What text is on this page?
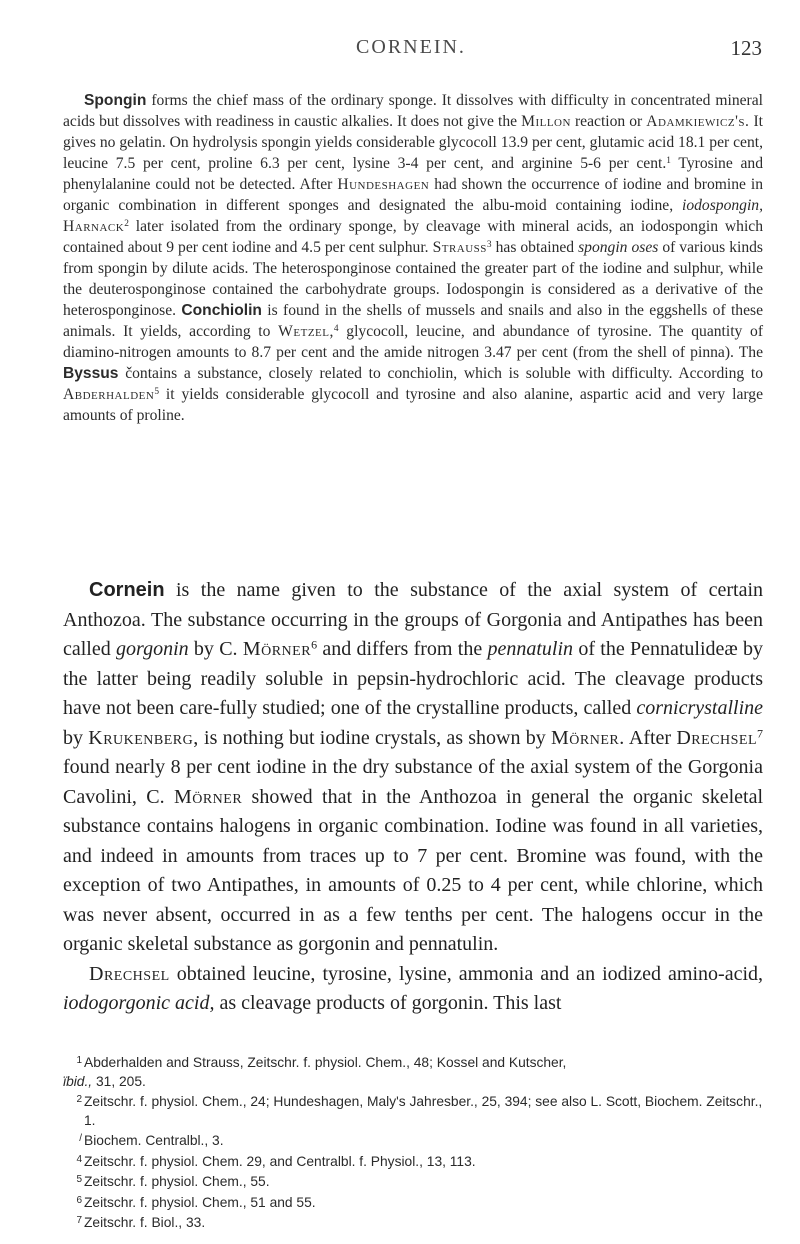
CORNEIN.	123

Spongin forms the chief mass of the ordinary sponge. It dissolves with difficulty in concentrated mineral acids but dissolves with readiness in caustic alkalies. It does not give the Millon reaction or Adamkiewicz's. It gives no gelatin. On hydrolysis spongin yields considerable glycocoll 13.9 per cent, glutamic acid 18.1 per cent, leucine 7.5 per cent, proline 6.3 per cent, lysine 3-4 per cent, and arginine 5-6 per cent.$^1$ Tyrosine and phenylalanine could not be detected. After Hundeshagen had shown the occurrence of iodine and bromine in organic combination in different sponges and designated the albu-moid containing iodine, iodospongin, Harnack$^2$ later isolated from the ordinary sponge, by cleavage with mineral acids, an iodospongin which contained about 9 per cent iodine and 4.5 per cent sulphur. Strauss$^3$ has obtained spongin oses of various kinds from spongin by dilute acids. The heterosponginose contained the greater part of the iodine and sulphur, while the deuterosponginose contained the carbohydrate groups. Iodospongin is considered as a derivative of the heterosponginose. Conchiolin is found in the shells of mussels and snails and also in the eggshells of these animals. It yields, according to Wetzel,$^4$ glycocoll, leucine, and abundance of tyrosine. The quantity of diamino-nitrogen amounts to 8.7 per cent and the amide nitrogen 3.47 per cent (from the shell of pinna). The Byssus čontains a substance, closely related to conchiolin, which is soluble with difficulty. According to Abderhalden$^5$ it yields considerable glycocoll and tyrosine and also alanine, aspartic acid and very large amounts of proline.

Cornein is the name given to the substance of the axial system of certain Anthozoa. The substance occurring in the groups of Gorgonia and Antipathes has been called gorgonin by C. Mörner$^6$ and differs from the pennatulin of the Pennatulideæ by the latter being readily soluble in pepsin-hydrochloric acid. The cleavage products have not been care-fully studied; one of the crystalline products, called cornicrystalline by Krukenberg, is nothing but iodine crystals, as shown by Mörner. After Drechsel$^7$ found nearly 8 per cent iodine in the dry substance of the axial system of the Gorgonia Cavolini, C. Mörner showed that in the Anthozoa in general the organic skeletal substance contains halogens in organic combination. Iodine was found in all varieties, and indeed in amounts from traces up to 7 per cent. Bromine was found, with the exception of two Antipathes, in amounts of 0.25 to 4 per cent, while chlorine, which was never absent, occurred in as a few tenths per cent. The halogens occur in the organic skeletal substance as gorgonin and pennatulin.

Drechsel obtained leucine, tyrosine, lysine, ammonia and an iodized amino-acid, iodogorgonic acid, as cleavage products of gorgonin. This last

1 Abderhalden and Strauss, Zeitschr. f. physiol. Chem., 48; Kossel and Kutscher,

їbid., 31, 205.

2 Zeitschr. f. physiol. Chem., 24; Hundeshagen, Maly's Jahresber., 25, 394; see also L. Scott, Biochem. Zeitschr., 1.

/ Biochem. Centralbl., 3.

4 Zeitschr. f. physiol. Chem. 29, and Centralbl. f. Physiol., 13, 113.

5 Zeitschr. f. physiol. Chem., 55.

6 Zeitschr. f. physiol. Chem., 51 and 55.

7 Zeitschr. f. Biol., 33.
